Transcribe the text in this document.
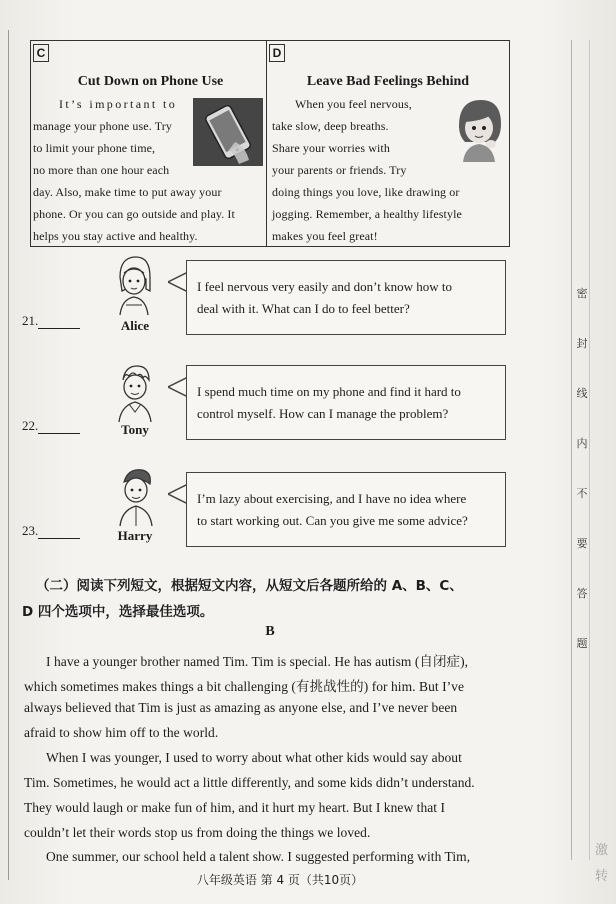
C
Cut Down on Phone Use
It’s important to
manage your phone use. Try
to limit your phone time,
no more than one hour each
day. Also, make time to put away your
phone. Or you can go outside and play. It
helps you stay active and healthy.
D
Leave Bad Feelings Behind
When you feel nervous,
take slow, deep breaths.
Share your worries with
your parents or friends. Try
doing things you love, like drawing or
jogging. Remember, a healthy lifestyle
makes you feel great!
21.	Alice
I feel nervous very easily and don’t know how to
deal with it. What can I do to feel better?
22.	Tony
I spend much time on my phone and find it hard to
control myself. How can I manage the problem?
23.	Harry
I’m lazy about exercising, and I have no idea where
to start working out. Can you give me some advice?
（二）阅读下列短文，根据短文内容，从短文后各题所给的 A、B、C、
D 四个选项中，选择最佳选项。
B
I have a younger brother named Tim. Tim is special. He has autism (自闭症),
which sometimes makes things a bit challenging (有挑战性的) for him. But I’ve
always believed that Tim is just as amazing as anyone else, and I’ve never been
afraid to show him off to the world.
When I was younger, I used to worry about what other kids would say about
Tim. Sometimes, he would act a little differently, and some kids didn’t understand.
They would laugh or make fun of him, and it hurt my heart. But I knew that I
couldn’t let their words stop us from doing the things we loved.
One summer, our school held a talent show. I suggested performing with Tim,
八年级英语 第 4 页（共10页）
密
封
线
内
不
要
答
题
激
转
